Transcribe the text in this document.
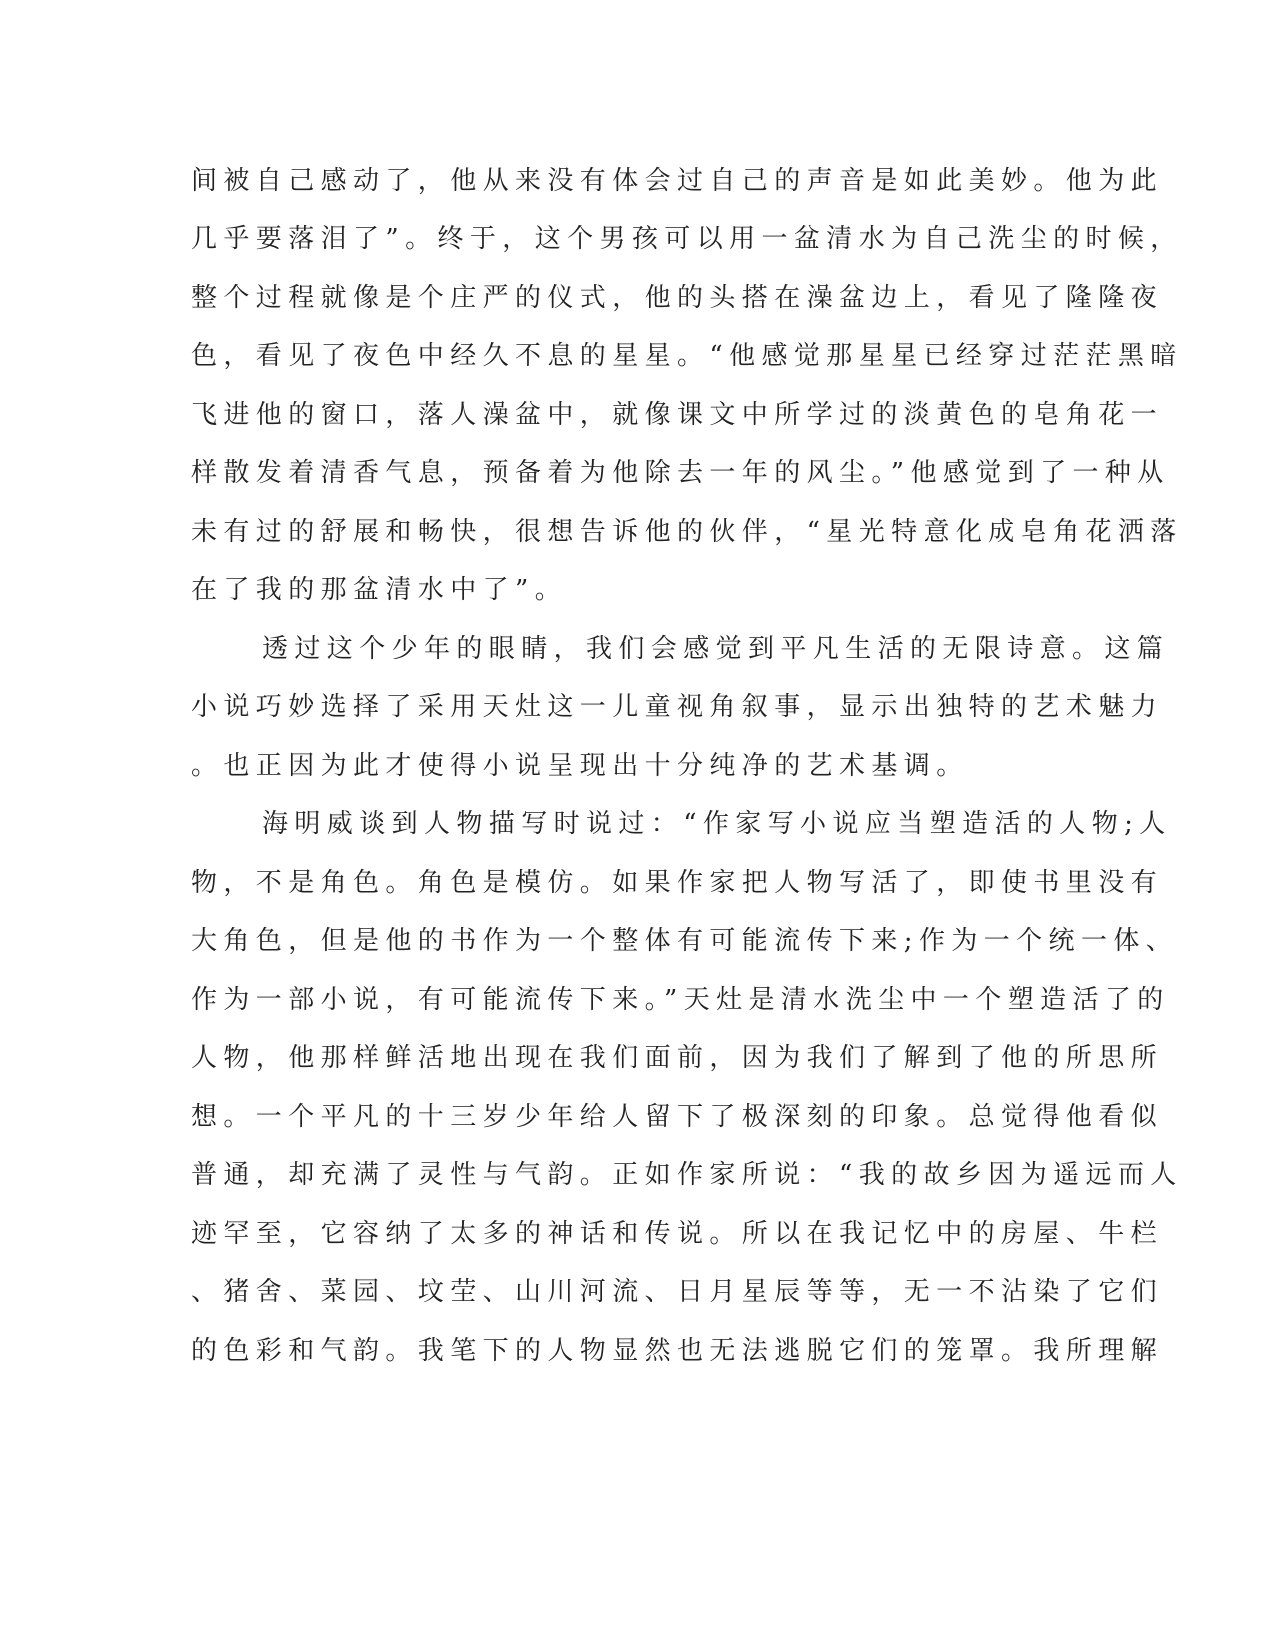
间被自己感动了，他从来没有体会过自己的声音是如此美妙。他为此
几乎要落泪了”。终于，这个男孩可以用一盆清水为自己洗尘的时候，
整个过程就像是个庄严的仪式，他的头搭在澡盆边上，看见了隆隆夜
色，看见了夜色中经久不息的星星。“他感觉那星星已经穿过茫茫黑暗
飞进他的窗口，落人澡盆中，就像课文中所学过的淡黄色的皂角花一
样散发着清香气息，预备着为他除去一年的风尘。”他感觉到了一种从
未有过的舒展和畅快，很想告诉他的伙伴，“星光特意化成皂角花洒落
在了我的那盆清水中了”。
透过这个少年的眼睛，我们会感觉到平凡生活的无限诗意。这篇
小说巧妙选择了采用天灶这一儿童视角叙事，显示出独特的艺术魅力
。也正因为此才使得小说呈现出十分纯净的艺术基调。
海明威谈到人物描写时说过：“作家写小说应当塑造活的人物;人
物，不是角色。角色是模仿。如果作家把人物写活了，即使书里没有
大角色，但是他的书作为一个整体有可能流传下来;作为一个统一体、
作为一部小说，有可能流传下来。”天灶是清水洗尘中一个塑造活了的
人物，他那样鲜活地出现在我们面前，因为我们了解到了他的所思所
想。一个平凡的十三岁少年给人留下了极深刻的印象。总觉得他看似
普通，却充满了灵性与气韵。正如作家所说：“我的故乡因为遥远而人
迹罕至，它容纳了太多的神话和传说。所以在我记忆中的房屋、牛栏
、猪舍、菜园、坟茔、山川河流、日月星辰等等，无一不沾染了它们
的色彩和气韵。我笔下的人物显然也无法逃脱它们的笼罩。我所理解
